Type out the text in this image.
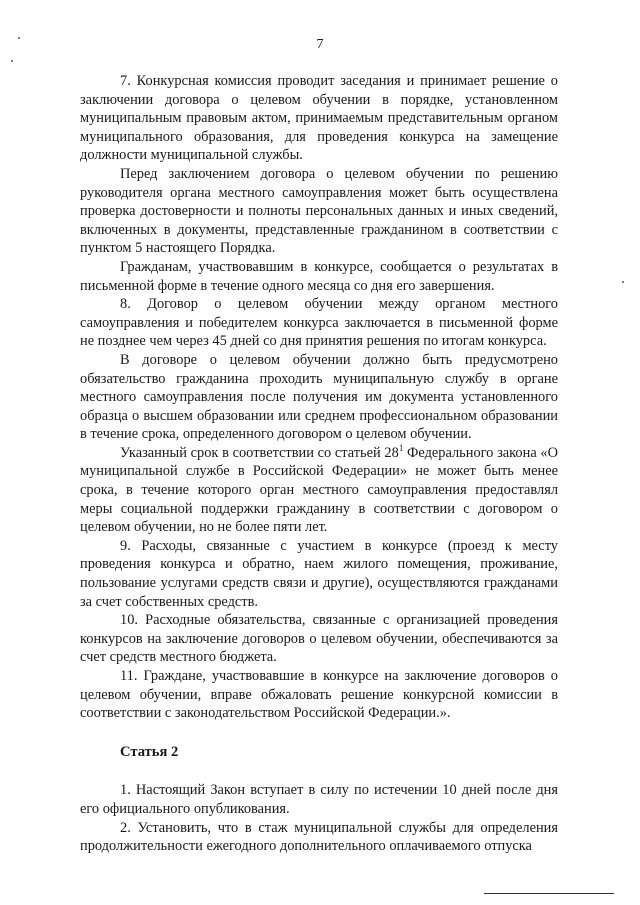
7

7. Конкурсная комиссия проводит заседания и принимает решение о заключении договора о целевом обучении в порядке, установленном муниципальным правовым актом, принимаемым представительным органом муниципального образования, для проведения конкурса на замещение должности муниципальной службы.

Перед заключением договора о целевом обучении по решению руководителя органа местного самоуправления может быть осуществлена проверка достоверности и полноты персональных данных и иных сведений, включенных в документы, представленные гражданином в соответствии с пунктом 5 настоящего Порядка.

Гражданам, участвовавшим в конкурсе, сообщается о результатах в письменной форме в течение одного месяца со дня его завершения.

8. Договор о целевом обучении между органом местного самоуправления и победителем конкурса заключается в письменной форме не позднее чем через 45 дней со дня принятия решения по итогам конкурса.

В договоре о целевом обучении должно быть предусмотрено обязательство гражданина проходить муниципальную службу в органе местного самоуправления после получения им документа установленного образца о высшем образовании или среднем профессиональном образовании в течение срока, определенного договором о целевом обучении.

Указанный срок в соответствии со статьей $28^1$ Федерального закона «О муниципальной службе в Российской Федерации» не может быть менее срока, в течение которого орган местного самоуправления предоставлял меры социальной поддержки гражданину в соответствии с договором о целевом обучении, но не более пяти лет.

9. Расходы, связанные с участием в конкурсе (проезд к месту проведения конкурса и обратно, наем жилого помещения, проживание, пользование услугами средств связи и другие), осуществляются гражданами за счет собственных средств.

10. Расходные обязательства, связанные с организацией проведения конкурсов на заключение договоров о целевом обучении, обеспечиваются за счет средств местного бюджета.

11. Граждане, участвовавшие в конкурсе на заключение договоров о целевом обучении, вправе обжаловать решение конкурсной комиссии в соответствии с законодательством Российской Федерации.».

Статья 2

1. Настоящий Закон вступает в силу по истечении 10 дней после дня его официального опубликования.

2. Установить, что в стаж муниципальной службы для определения продолжительности ежегодного дополнительного оплачиваемого отпуска
